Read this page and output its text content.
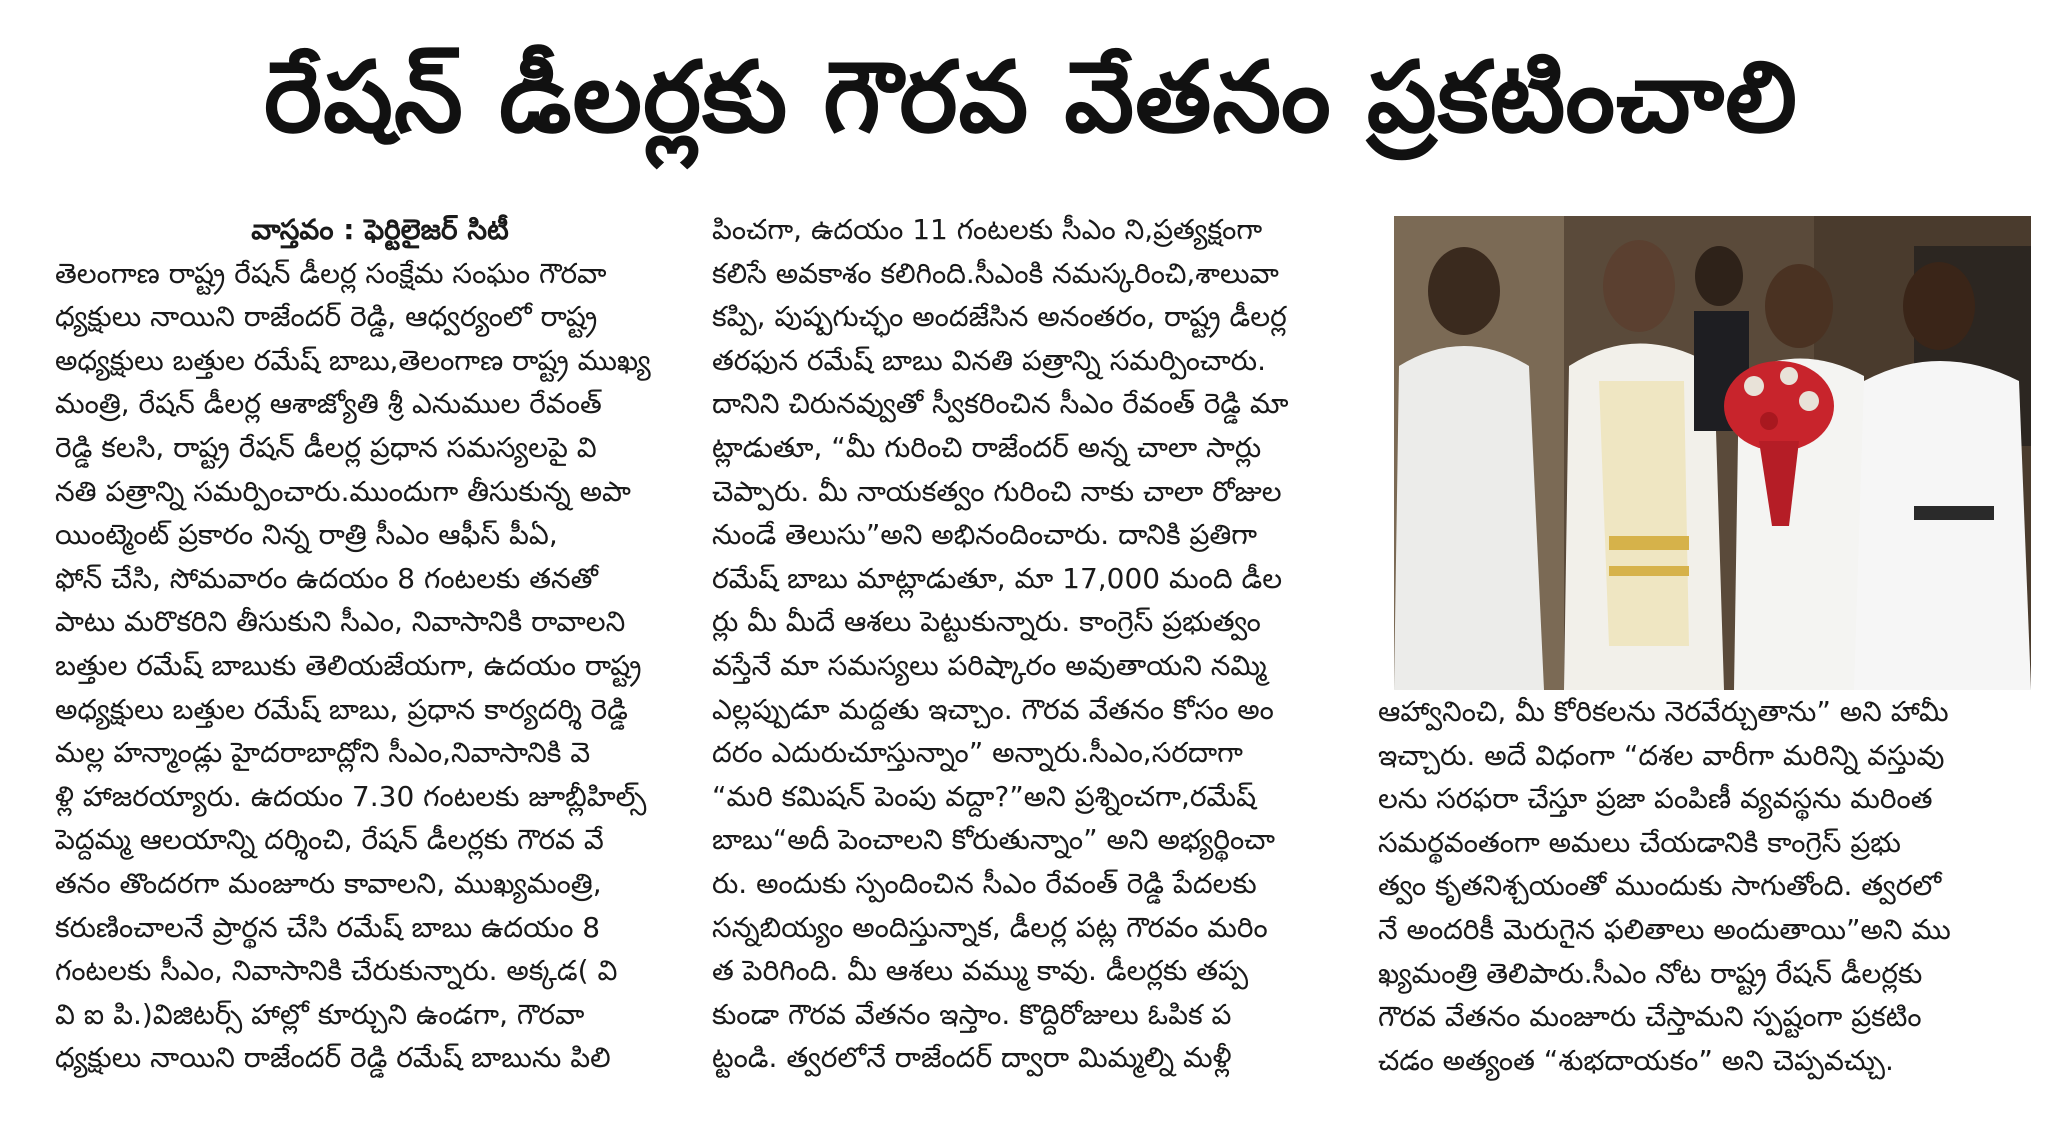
రేషన్ డీలర్లకు గౌరవ వేతనం ప్రకటించాలి
వాస్తవం : ఫెర్టిలైజర్ సిటీ
తెలంగాణ రాష్ట్ర రేషన్ డీలర్ల సంక్షేమ సంఘం గౌరవా
ధ్యక్షులు నాయిని రాజేందర్ రెడ్డి, ఆధ్వర్యంలో రాష్ట్ర
అధ్యక్షులు బత్తుల రమేష్ బాబు,తెలంగాణ రాష్ట్ర ముఖ్య
మంత్రి, రేషన్ డీలర్ల ఆశాజ్యోతి శ్రీ ఎనుముల రేవంత్
రెడ్డి కలసి, రాష్ట్ర రేషన్ డీలర్ల ప్రధాన సమస్యలపై వి
నతి పత్రాన్ని సమర్పించారు.ముందుగా తీసుకున్న అపా
యింట్మెంట్ ప్రకారం నిన్న రాత్రి సీఎం ఆఫీస్ పీఏ,
ఫోన్ చేసి, సోమవారం ఉదయం 8 గంటలకు తనతో
పాటు మరొకరిని తీసుకుని సీఎం, నివాసానికి రావాలని
బత్తుల రమేష్ బాబుకు తెలియజేయగా, ఉదయం రాష్ట్ర
అధ్యక్షులు బత్తుల రమేష్ బాబు, ప్రధాన కార్యదర్శి రెడ్డి
మల్ల హన్మాండ్లు హైదరాబాద్లోని సీఎం,నివాసానికి వె
ళ్లి హాజరయ్యారు. ఉదయం 7.30 గంటలకు జూబ్లీహిల్స్
పెద్దమ్మ ఆలయాన్ని దర్శించి, రేషన్ డీలర్లకు గౌరవ వే
తనం తొందరగా మంజూరు కావాలని, ముఖ్యమంత్రి,
కరుణించాలనే ప్రార్థన చేసి రమేష్ బాబు ఉదయం 8
గంటలకు సీఎం, నివాసానికి చేరుకున్నారు. అక్కడ( వి
వి ఐ పి.)విజిటర్స్ హాల్లో కూర్చుని ఉండగా, గౌరవా
ధ్యక్షులు నాయిని రాజేందర్ రెడ్డి రమేష్ బాబును పిలి
పించగా, ఉదయం 11 గంటలకు సీఎం ని,ప్రత్యక్షంగా
కలిసే అవకాశం కలిగింది.సీఎంకి నమస్కరించి,శాలువా
కప్పి, పుష్పగుచ్ఛం అందజేసిన అనంతరం, రాష్ట్ర డీలర్ల
తరఫున రమేష్ బాబు వినతి పత్రాన్ని సమర్పించారు.
దానిని చిరునవ్వుతో స్వీకరించిన సీఎం రేవంత్ రెడ్డి మా
ట్లాడుతూ, “మీ గురించి రాజేందర్ అన్న చాలా సార్లు
చెప్పారు. మీ నాయకత్వం గురించి నాకు చాలా రోజుల
నుండే తెలుసు”అని అభినందించారు. దానికి ప్రతిగా
రమేష్ బాబు మాట్లాడుతూ, మా 17,000 మంది డీల
ర్లు మీ మీదే ఆశలు పెట్టుకున్నారు. కాంగ్రెస్ ప్రభుత్వం
వస్తేనే మా సమస్యలు పరిష్కారం అవుతాయని నమ్మి
ఎల్లప్పుడూ మద్దతు ఇచ్చాం. గౌరవ వేతనం కోసం అం
దరం ఎదురుచూస్తున్నాం” అన్నారు.సీఎం,సరదాగా
“మరి కమిషన్ పెంపు వద్దా?”అని ప్రశ్నించగా,రమేష్
బాబు“అదీ పెంచాలని కోరుతున్నాం” అని అభ్యర్థించా
రు. అందుకు స్పందించిన సీఎం రేవంత్ రెడ్డి పేదలకు
సన్నబియ్యం అందిస్తున్నాక, డీలర్ల పట్ల గౌరవం మరిం
త పెరిగింది. మీ ఆశలు వమ్ము కావు. డీలర్లకు తప్ప
కుండా గౌరవ వేతనం ఇస్తాం. కొద్దిరోజులు ఓపిక ప
ట్టండి. త్వరలోనే రాజేందర్ ద్వారా మిమ్మల్ని మళ్లీ
ఆహ్వానించి, మీ కోరికలను నెరవేర్చుతాను” అని హామీ
ఇచ్చారు. అదే విధంగా “దశల వారీగా మరిన్ని వస్తువు
లను సరఫరా చేస్తూ ప్రజా పంపిణీ వ్యవస్థను మరింత
సమర్థవంతంగా అమలు చేయడానికి కాంగ్రెస్ ప్రభు
త్వం కృతనిశ్చయంతో ముందుకు సాగుతోంది. త్వరలో
నే అందరికీ మెరుగైన ఫలితాలు అందుతాయి”అని ము
ఖ్యమంత్రి తెలిపారు.సీఎం నోట రాష్ట్ర రేషన్ డీలర్లకు
గౌరవ వేతనం మంజూరు చేస్తామని స్పష్టంగా ప్రకటిం
చడం అత్యంత “శుభదాయకం” అని చెప్పవచ్చు.
